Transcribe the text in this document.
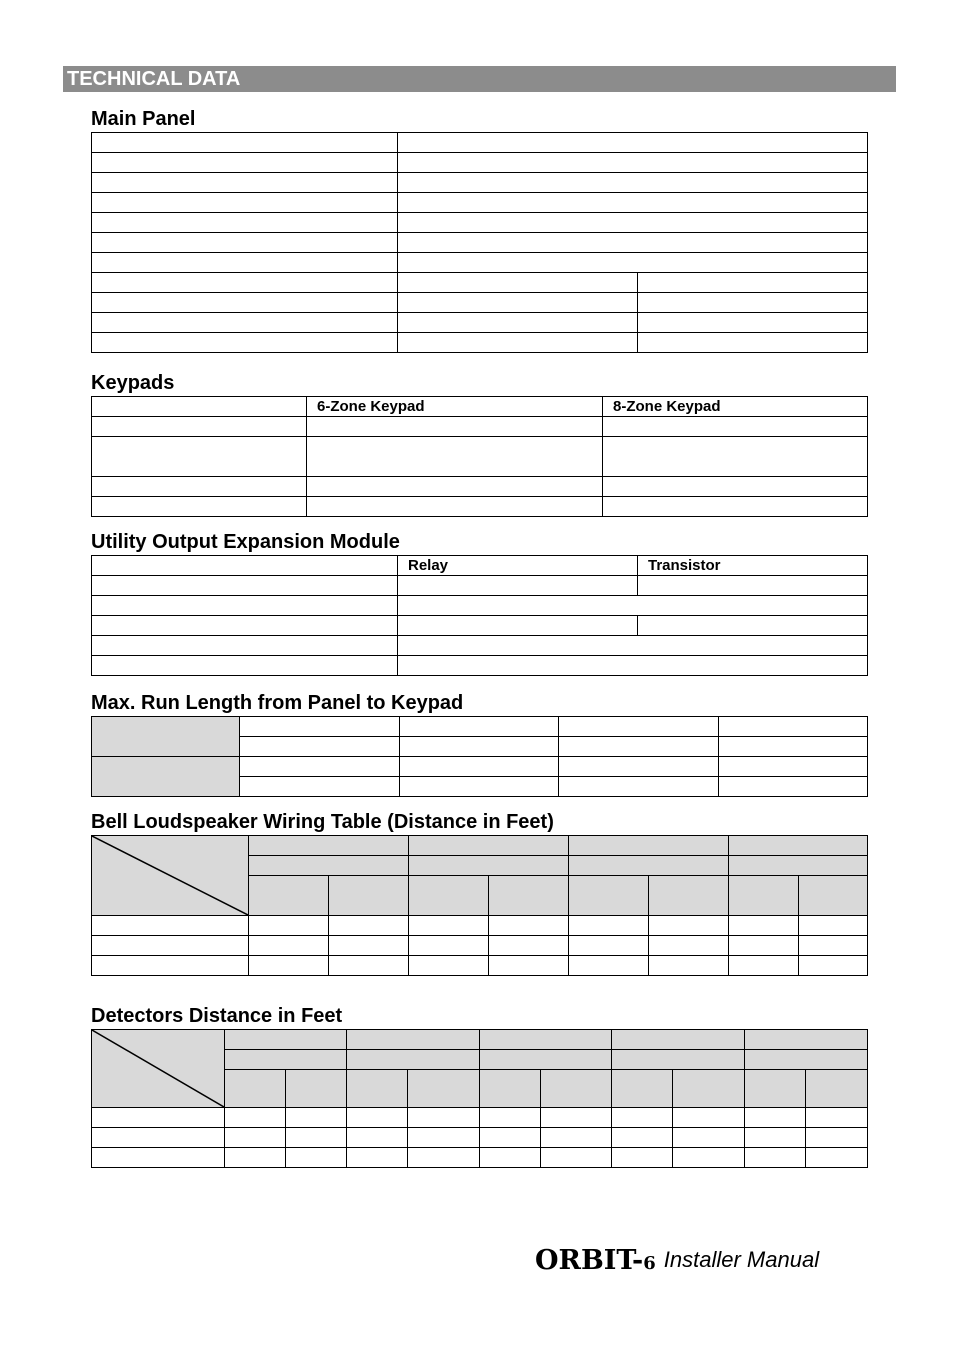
TECHNICAL DATA
Main Panel

Keypads
	6-Zone Keypad	8-Zone Keypad

Utility Output Expansion Module
	Relay	Transistor

Max. Run Length from Panel to Keypad

Bell Loudspeaker Wiring Table (Distance in Feet)

Detectors Distance in Feet

ORBIT-6 Installer Manual
